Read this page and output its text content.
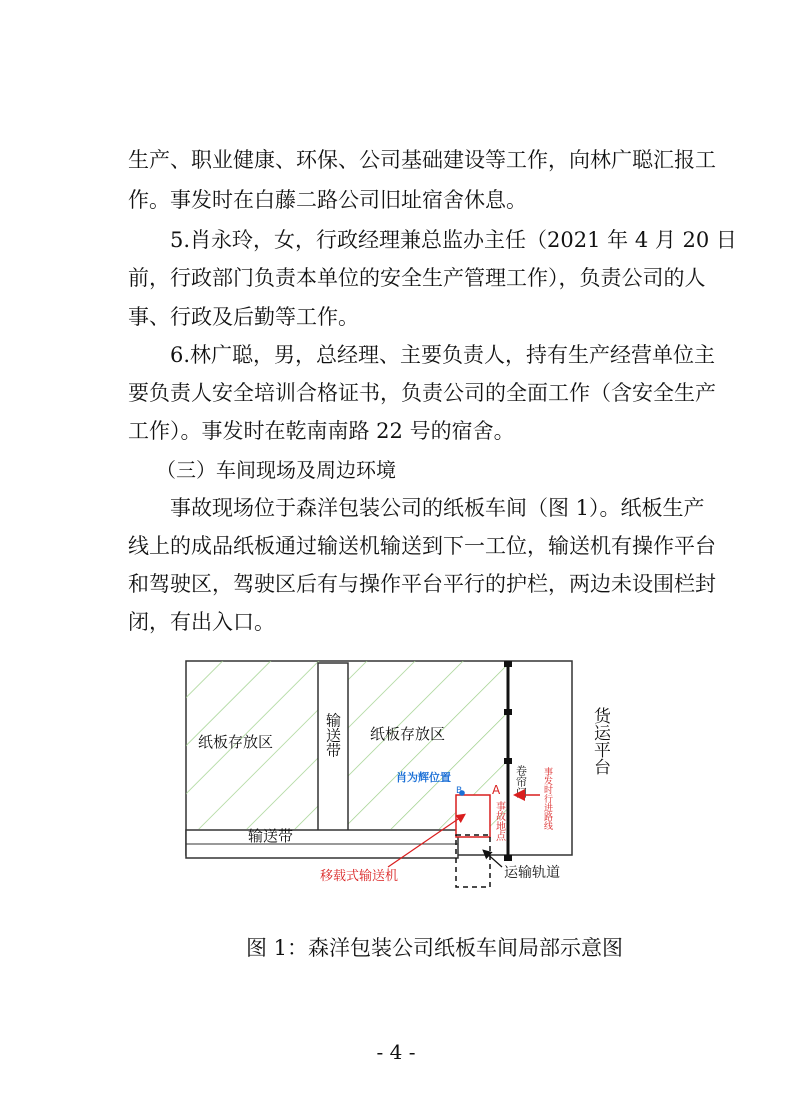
生产、职业健康、环保、公司基础建设等工作，向林广聪汇报工
作。事发时在白藤二路公司旧址宿舍休息。
5.肖永玲，女，行政经理兼总监办主任（2021 年 4 月 20 日
前，行政部门负责本单位的安全生产管理工作），负责公司的人
事、行政及后勤等工作。
6.林广聪，男，总经理、主要负责人，持有生产经营单位主
要负责人安全培训合格证书，负责公司的全面工作（含安全生产
工作）。事发时在乾南南路 22 号的宿舍。
（三）车间现场及周边环境
事故现场位于森洋包装公司的纸板车间（图 1）。纸板生产
线上的成品纸板通过输送机输送到下一工位，输送机有操作平台
和驾驶区，驾驶区后有与操作平台平行的护栏，两边未设围栏封
闭，有出入口。
纸板存放区	纸板存放区
输送带
输送带	货运平台
卷帘门
肖为辉位置
B A
事故地点	事发时行进路线
移载式输送机	运输轨道
图 1：森洋包装公司纸板车间局部示意图
- 4 -
